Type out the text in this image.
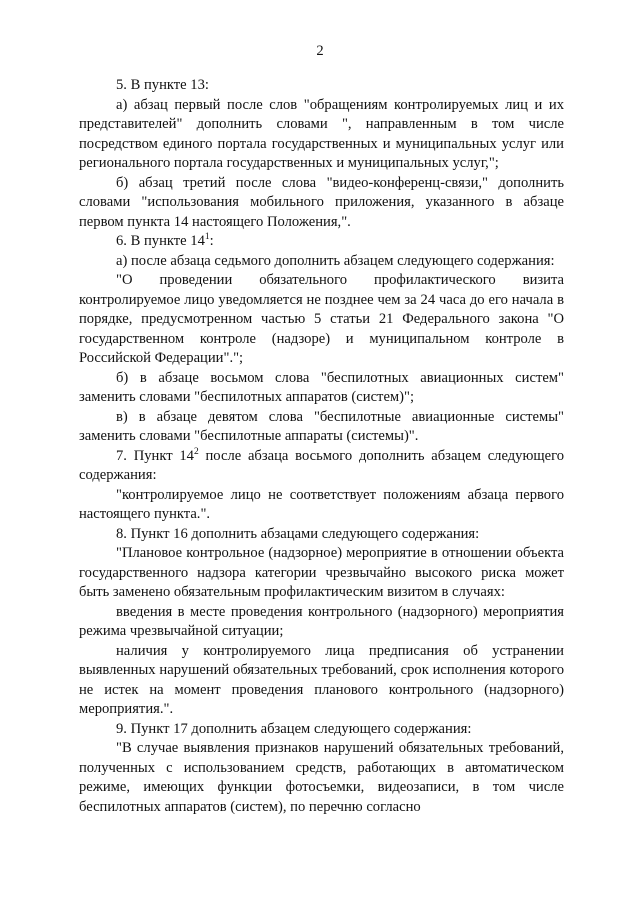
2

5. В пункте 13:

а) абзац первый после слов "обращениям контролируемых лиц и их представителей" дополнить словами ", направленным в том числе посредством единого портала государственных и муниципальных услуг или регионального портала государственных и муниципальных услуг,";

б) абзац третий после слова "видео-конференц-связи," дополнить словами "использования мобильного приложения, указанного в абзаце первом пункта 14 настоящего Положения,".

6. В пункте $14^1$:

а) после абзаца седьмого дополнить абзацем следующего содержания:

"О проведении обязательного профилактического визита контролируемое лицо уведомляется не позднее чем за 24 часа до его начала в порядке, предусмотренном частью 5 статьи 21 Федерального закона "О государственном контроле (надзоре) и муниципальном контроле в Российской Федерации".";

б) в абзаце восьмом слова "беспилотных авиационных систем" заменить словами "беспилотных аппаратов (систем)";

в) в абзаце девятом слова "беспилотные авиационные системы" заменить словами "беспилотные аппараты (системы)".

7. Пункт $14^2$ после абзаца восьмого дополнить абзацем следующего содержания:

"контролируемое лицо не соответствует положениям абзаца первого настоящего пункта.".

8. Пункт 16 дополнить абзацами следующего содержания:

"Плановое контрольное (надзорное) мероприятие в отношении объекта государственного надзора категории чрезвычайно высокого риска может быть заменено обязательным профилактическим визитом в случаях:

введения в месте проведения контрольного (надзорного) мероприятия режима чрезвычайной ситуации;

наличия у контролируемого лица предписания об устранении выявленных нарушений обязательных требований, срок исполнения которого не истек на момент проведения планового контрольного (надзорного) мероприятия.".

9. Пункт 17 дополнить абзацем следующего содержания:

"В случае выявления признаков нарушений обязательных требований, полученных с использованием средств, работающих в автоматическом режиме, имеющих функции фотосъемки, видеозаписи, в том числе беспилотных аппаратов (систем), по перечню согласно
